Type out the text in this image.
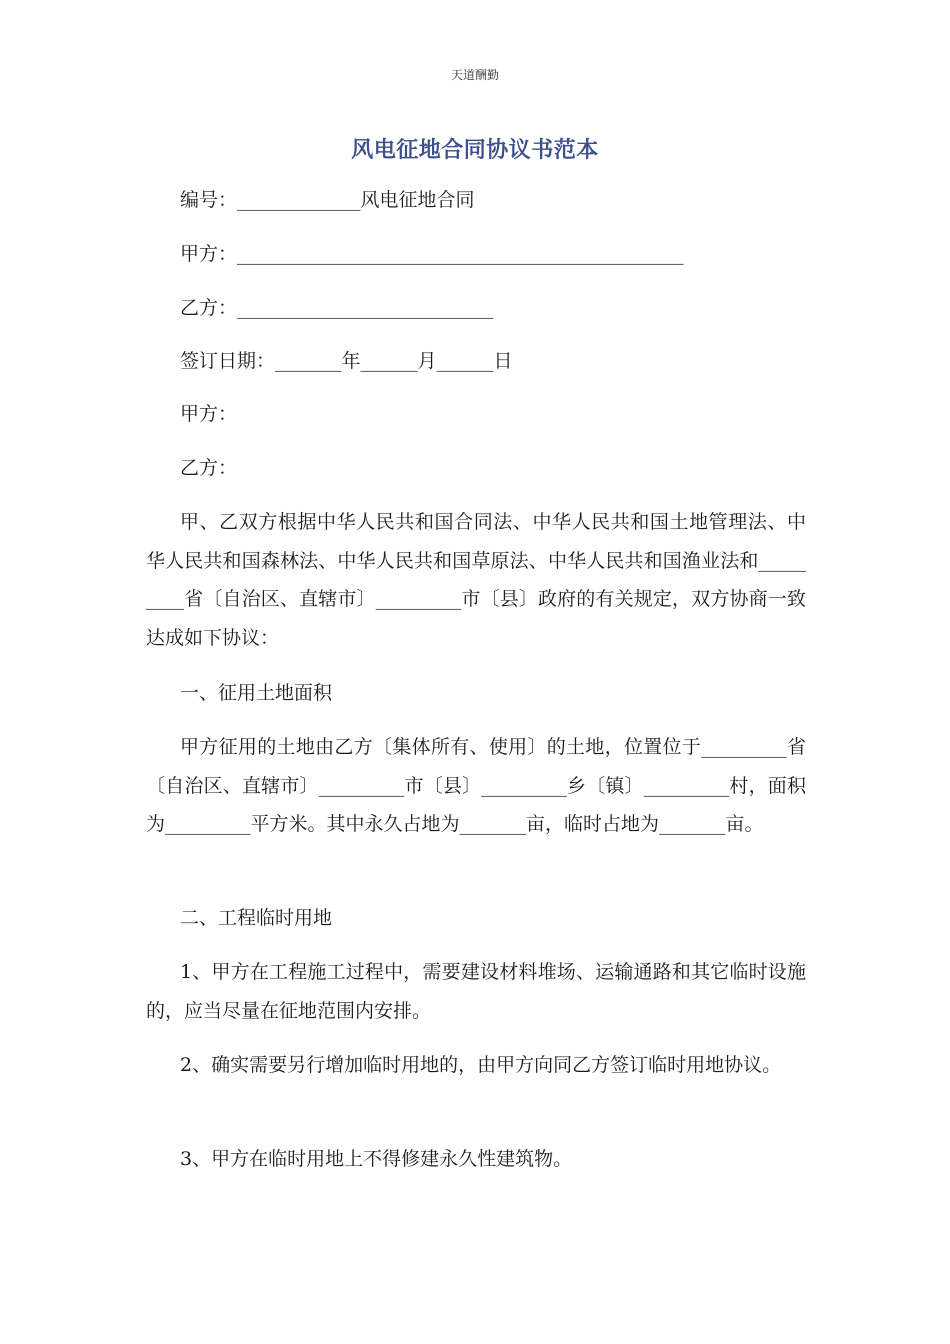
天道酬勤
风电征地合同协议书范本
编号：_____________风电征地合同
甲方：_______________________________________________
乙方：___________________________
签订日期：_______年______月______日
甲方：
乙方：
甲、乙双方根据中华人民共和国合同法、中华人民共和国土地管理法、中华人民共和国森林法、中华人民共和国草原法、中华人民共和国渔业法和_________省〔自治区、直辖市〕_________市〔县〕政府的有关规定，双方协商一致达成如下协议：
一、征用土地面积
甲方征用的土地由乙方〔集体所有、使用〕的土地，位置位于_________省〔自治区、直辖市〕_________市〔县〕_________乡〔镇〕_________村，面积为_________平方米。其中永久占地为_______亩，临时占地为_______亩。
二、工程临时用地
1、甲方在工程施工过程中，需要建设材料堆场、运输通路和其它临时设施的，应当尽量在征地范围内安排。
2、确实需要另行增加临时用地的，由甲方向同乙方签订临时用地协议。
3、甲方在临时用地上不得修建永久性建筑物。
